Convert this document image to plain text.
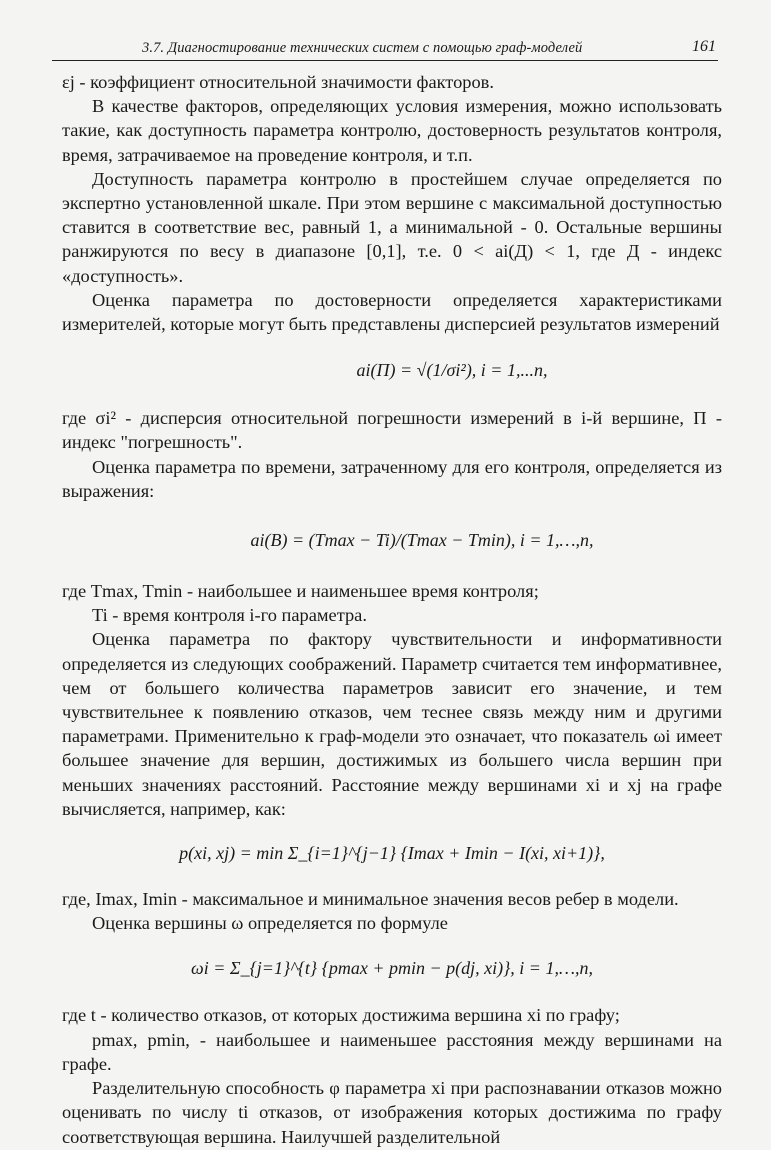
3.7. Диагностирование технических систем с помощью граф-моделей	161

εj - коэффициент относительной значимости факторов.

В качестве факторов, определяющих условия измерения, можно использовать такие, как доступность параметра контролю, достоверность результатов контроля, время, затрачиваемое на проведение контроля, и т.п.

Доступность параметра контролю в простейшем случае определяется по экспертно установленной шкале. При этом вершине с максимальной доступностью ставится в соответствие вес, равный 1, а минимальной - 0. Остальные вершины ранжируются по весу в диапазоне [0,1], т.е. 0 < ai(Д) < 1, где Д - индекс «доступность».

Оценка параметра по достоверности определяется характеристиками измерителей, которые могут быть представлены дисперсией результатов измерений

ai(П) = √(1/σi²), i = 1,...n,

где σi² - дисперсия относительной погрешности измерений в i-й вершине, П - индекс "погрешность".

Оценка параметра по времени, затраченному для его контроля, определяется из выражения:

ai(В) = (Tmax − Ti)/(Tmax − Tmin), i = 1,…,n,

где Tmax, Tmin - наибольшее и наименьшее время контроля;

Ti - время контроля i-го параметра.

Оценка параметра по фактору чувствительности и информативности определяется из следующих соображений. Параметр считается тем информативнее, чем от большего количества параметров зависит его значение, и тем чувствительнее к появлению отказов, чем теснее связь между ним и другими параметрами. Применительно к граф-модели это означает, что показатель ωi имеет большее значение для вершин, достижимых из большего числа вершин при меньших значениях расстояний. Расстояние между вершинами xi и xj на графе вычисляется, например, как:

p(xi, xj) = min Σ_{i=1}^{j−1} {Imax + Imin − I(xi, xi+1)},

где, Imax, Imin - максимальное и минимальное значения весов ребер в модели.

Оценка вершины ω определяется по формуле

ωi = Σ_{j=1}^{t} {pmax + pmin − p(dj, xi)}, i = 1,…,n,

где t - количество отказов, от которых достижима вершина xi по графу;

pmax, pmin, - наибольшее и наименьшее расстояния между вершинами на графе.

Разделительную способность φ параметра xi при распознавании отказов можно оценивать по числу ti отказов, от изображения которых достижима по графу соответствующая вершина. Наилучшей разделительной
